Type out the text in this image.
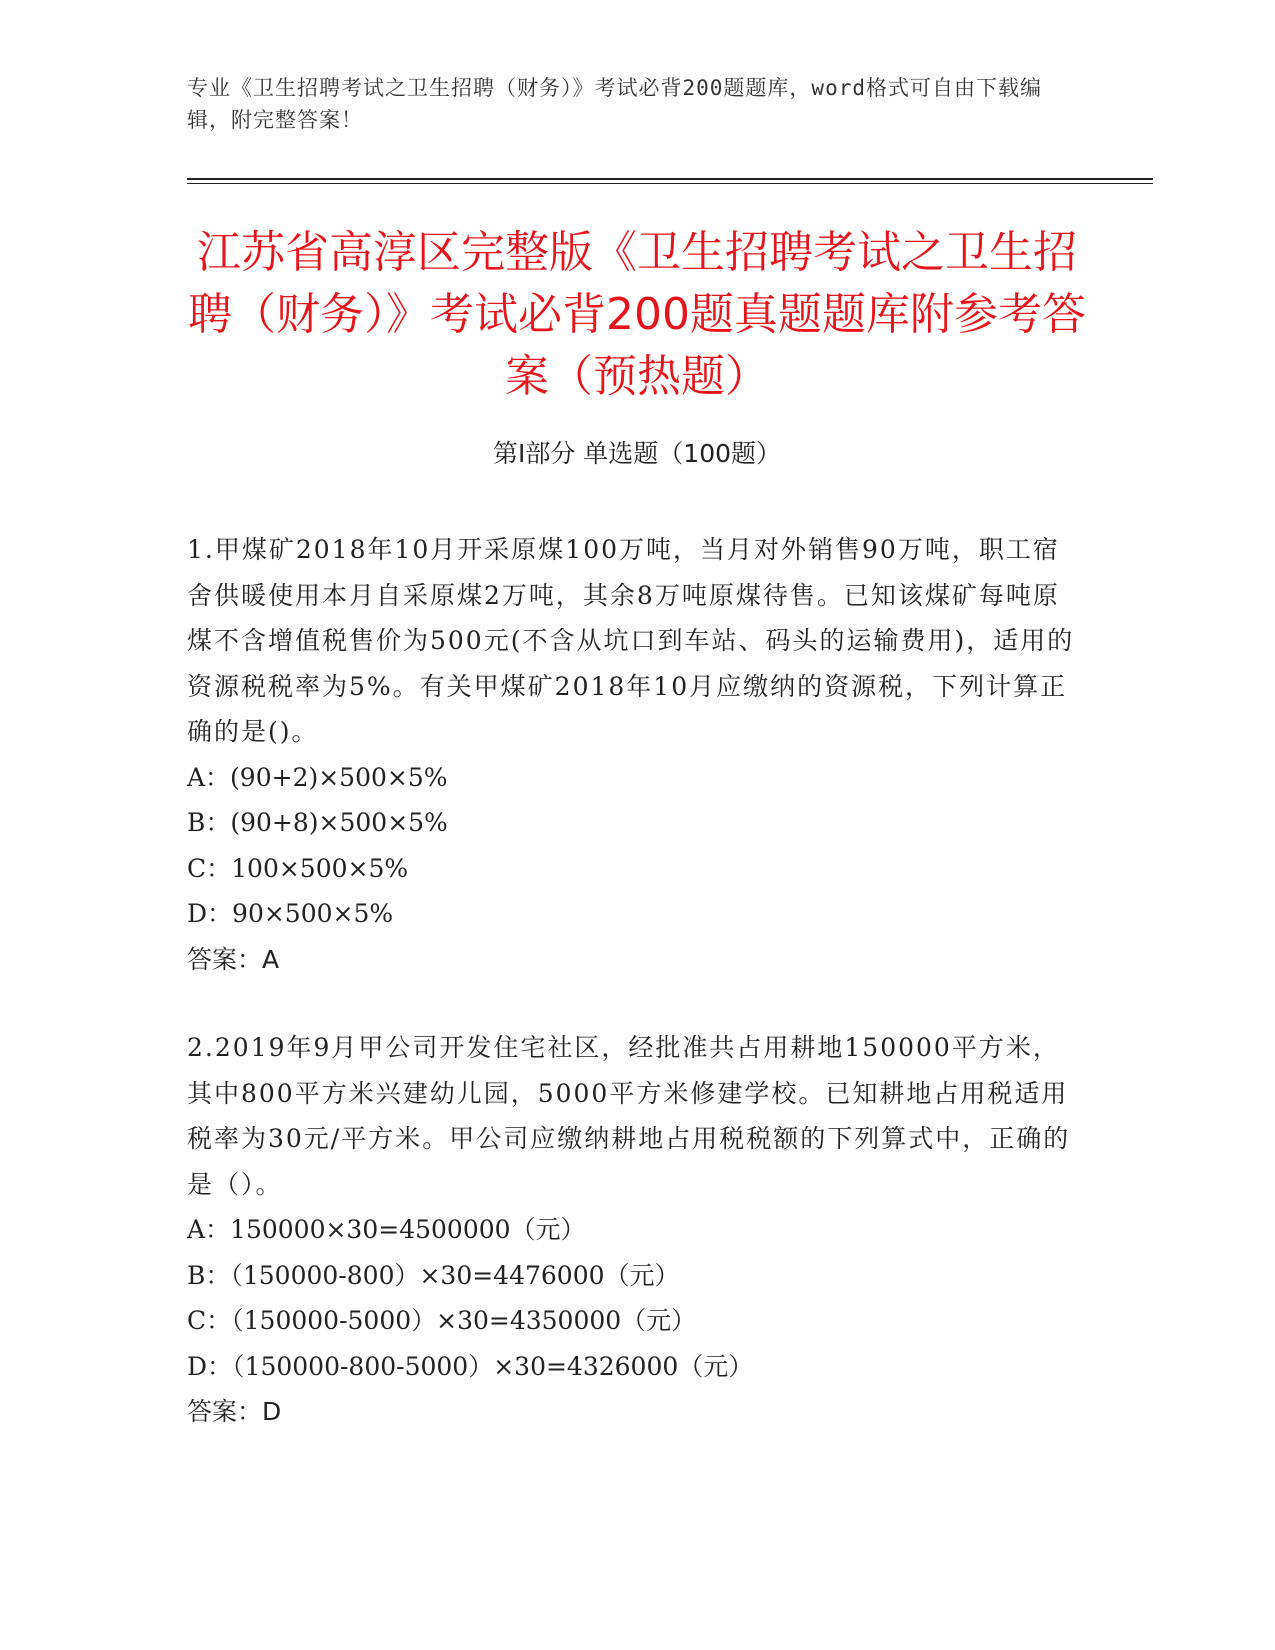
专业《卫生招聘考试之卫生招聘（财务）》考试必背200题题库，word格式可自由下载编辑，附完整答案！
江苏省高淳区完整版《卫生招聘考试之卫生招聘（财务）》考试必背200题真题题库附参考答案（预热题）
第Ⅰ部分 单选题（100题）

1.甲煤矿2018年10月开采原煤100万吨，当月对外销售90万吨，职工宿舍供暖使用本月自采原煤2万吨，其余8万吨原煤待售。已知该煤矿每吨原煤不含增值税售价为500元(不含从坑口到车站、码头的运输费用)，适用的资源税税率为5%。有关甲煤矿2018年10月应缴纳的资源税，下列计算正确的是()。

A：(90+2)×500×5%

B：(90+8)×500×5%

C：100×500×5%

D：90×500×5%

答案：A

2.2019年9月甲公司开发住宅社区，经批准共占用耕地150000平方米，其中800平方米兴建幼儿园，5000平方米修建学校。已知耕地占用税适用税率为30元/平方米。甲公司应缴纳耕地占用税税额的下列算式中，正确的是（）。

A：150000×30=4500000（元）

B：（150000-800）×30=4476000（元）

C：（150000-5000）×30=4350000（元）

D：（150000-800-5000）×30=4326000（元）

答案：D
